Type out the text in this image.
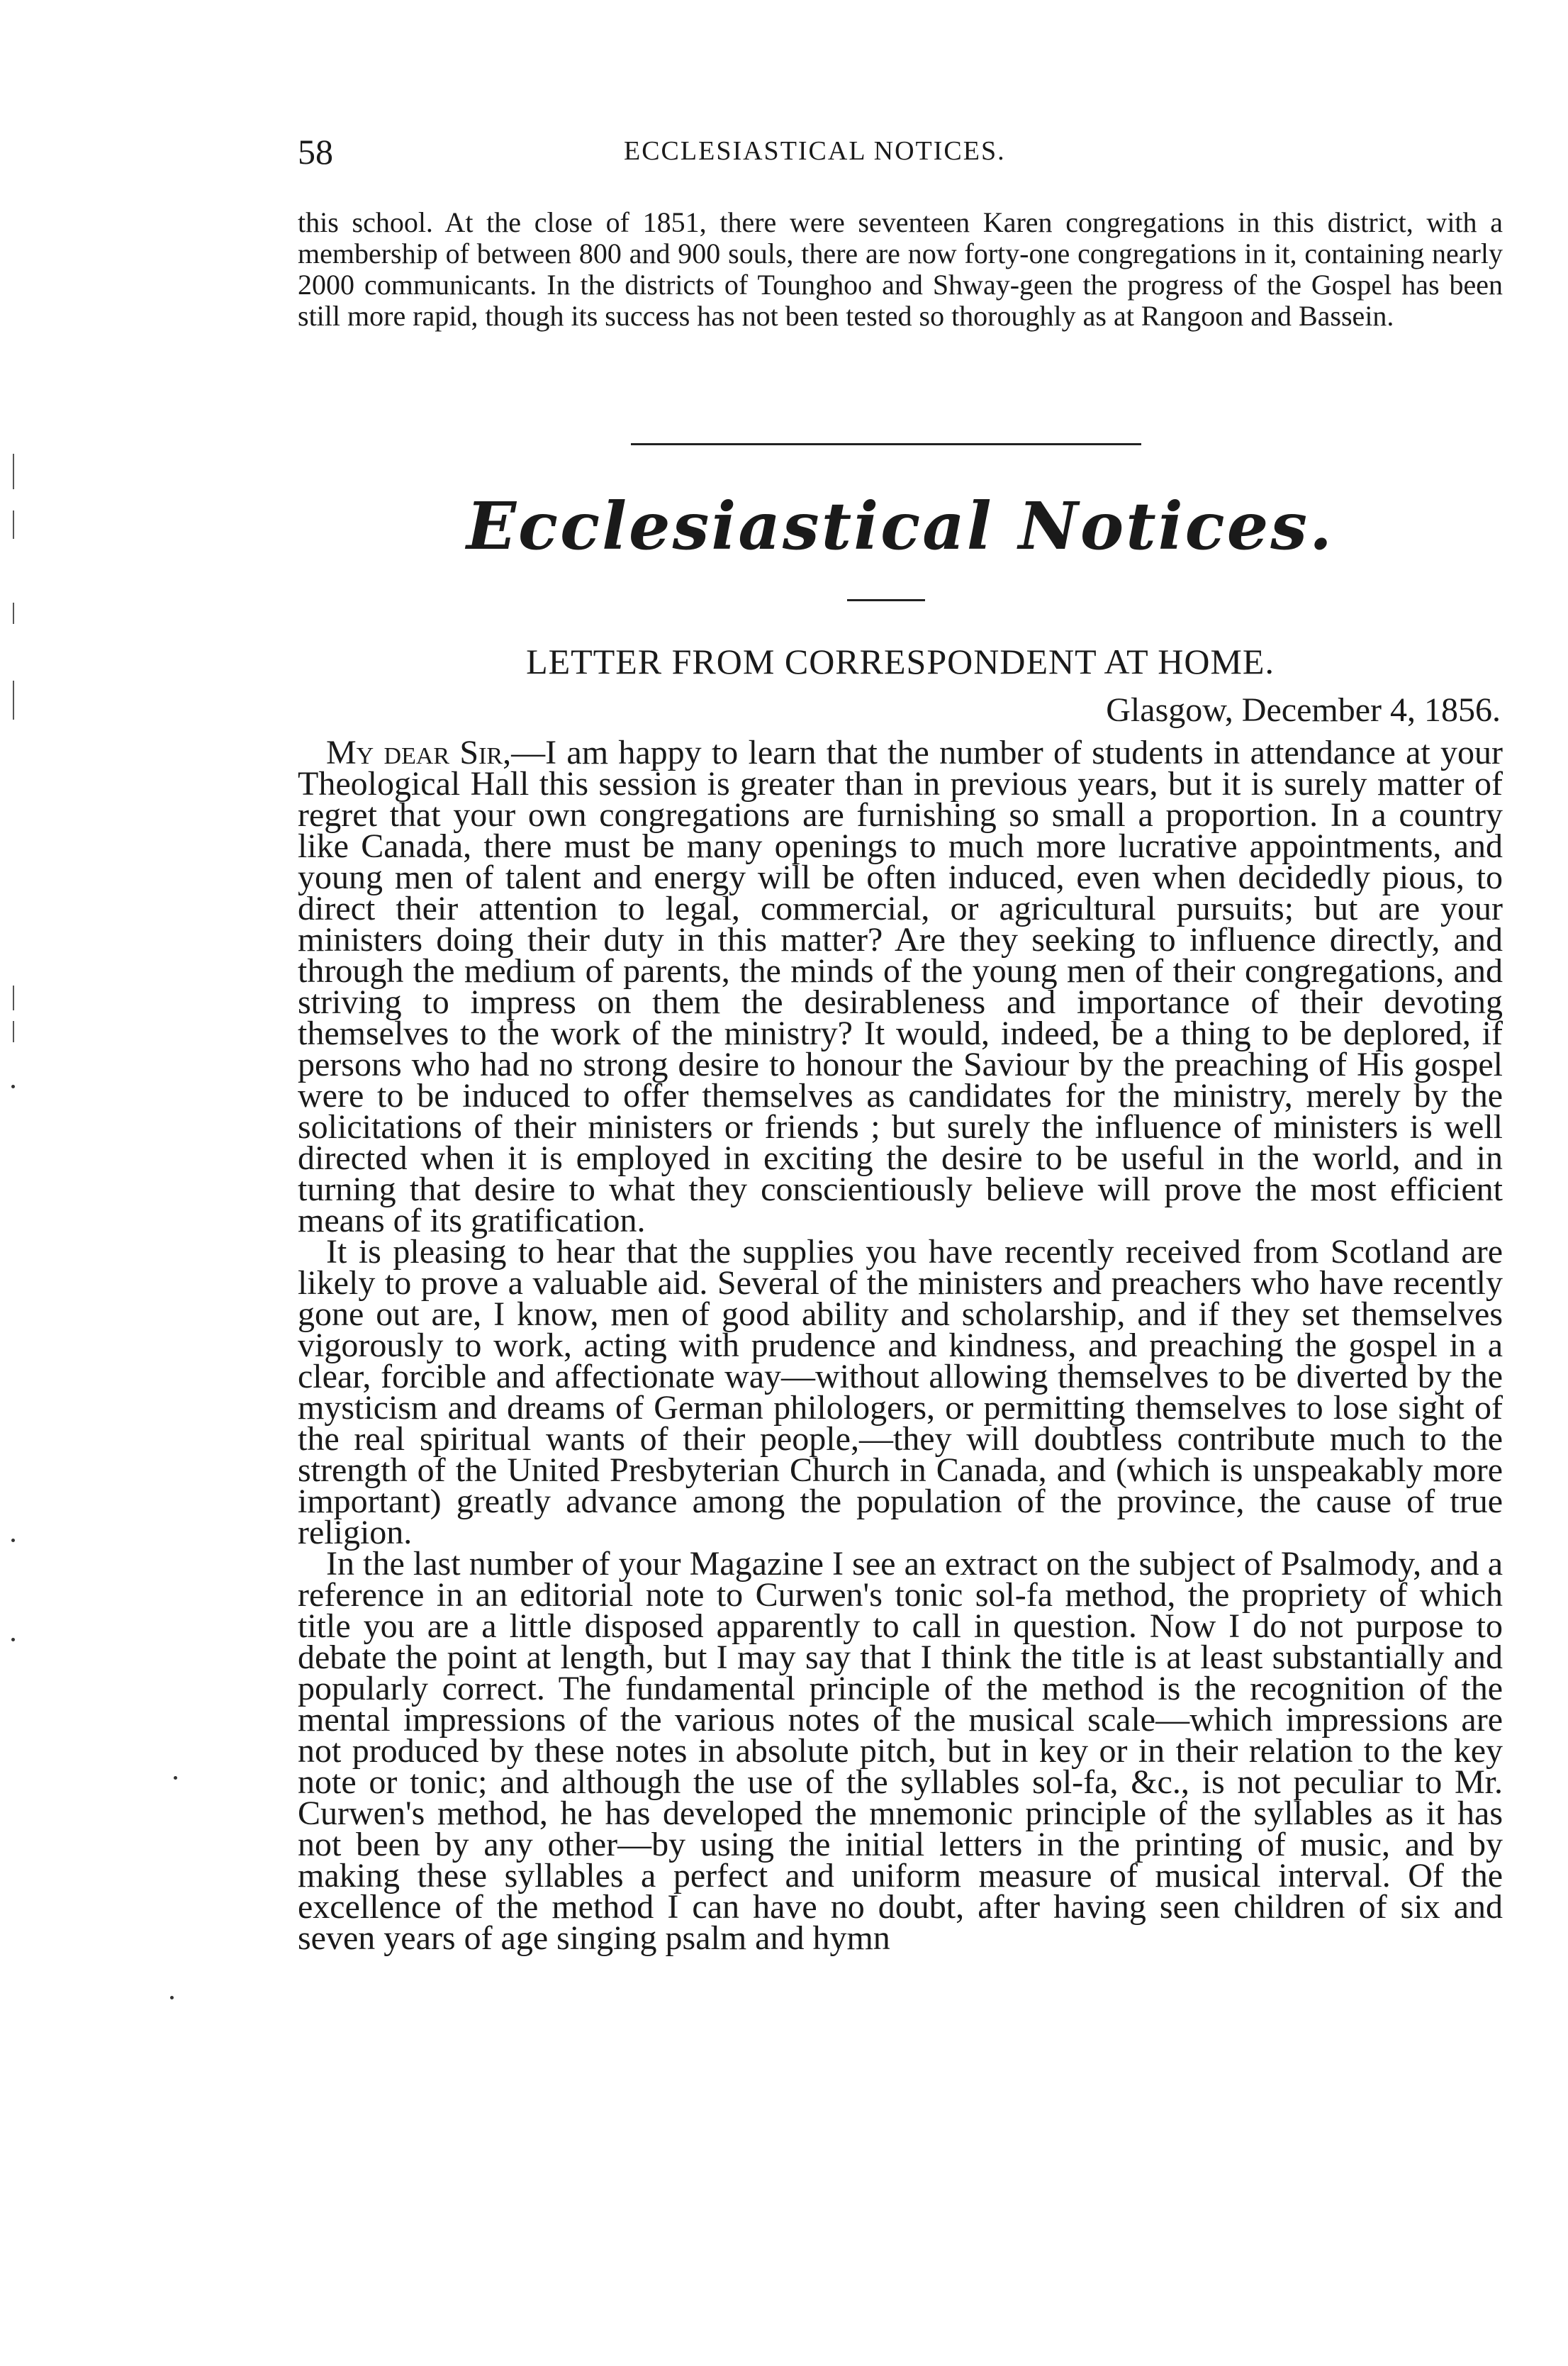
58	ECCLESIASTICAL NOTICES.
this school. At the close of 1851, there were seventeen Karen congregations in this district, with a membership of between 800 and 900 souls, there are now forty-one congregations in it, containing nearly 2000 communicants. In the districts of Tounghoo and Shway-geen the progress of the Gospel has been still more rapid, though its success has not been tested so thoroughly as at Rangoon and Bassein.
Ecclesiastical Notices.
LETTER FROM CORRESPONDENT AT HOME.
Glasgow, December 4, 1856.

My dear Sir,—I am happy to learn that the number of students in attendance at your Theological Hall this session is greater than in previous years, but it is surely matter of regret that your own congregations are furnishing so small a proportion. In a country like Canada, there must be many openings to much more lucrative appointments, and young men of talent and energy will be often induced, even when decidedly pious, to direct their attention to legal, commercial, or agricultural pursuits; but are your ministers doing their duty in this matter? Are they seeking to influence directly, and through the medium of parents, the minds of the young men of their congregations, and striving to impress on them the desirableness and importance of their devoting themselves to the work of the ministry? It would, indeed, be a thing to be deplored, if persons who had no strong desire to honour the Saviour by the preaching of His gospel were to be induced to offer themselves as candidates for the ministry, merely by the solicitations of their ministers or friends ; but surely the influence of ministers is well directed when it is employed in exciting the desire to be useful in the world, and in turning that desire to what they conscientiously believe will prove the most efficient means of its gratification.

It is pleasing to hear that the supplies you have recently received from Scotland are likely to prove a valuable aid. Several of the ministers and preachers who have recently gone out are, I know, men of good ability and scholarship, and if they set themselves vigorously to work, acting with prudence and kindness, and preaching the gospel in a clear, forcible and affectionate way—without allowing themselves to be diverted by the mysticism and dreams of German philologers, or permitting themselves to lose sight of the real spiritual wants of their people,—they will doubtless contribute much to the strength of the United Presbyterian Church in Canada, and (which is unspeakably more important) greatly advance among the population of the province, the cause of true religion.

In the last number of your Magazine I see an extract on the subject of Psalmody, and a reference in an editorial note to Curwen's tonic sol-fa method, the propriety of which title you are a little disposed apparently to call in question. Now I do not purpose to debate the point at length, but I may say that I think the title is at least substantially and popularly correct. The fundamental principle of the method is the recognition of the mental impressions of the various notes of the musical scale—which impressions are not produced by these notes in absolute pitch, but in key or in their relation to the key note or tonic; and although the use of the syllables sol-fa, &c., is not peculiar to Mr. Curwen's method, he has developed the mnemonic principle of the syllables as it has not been by any other—by using the initial letters in the printing of music, and by making these syllables a perfect and uniform measure of musical interval. Of the excellence of the method I can have no doubt, after having seen children of six and seven years of age singing psalm and hymn
